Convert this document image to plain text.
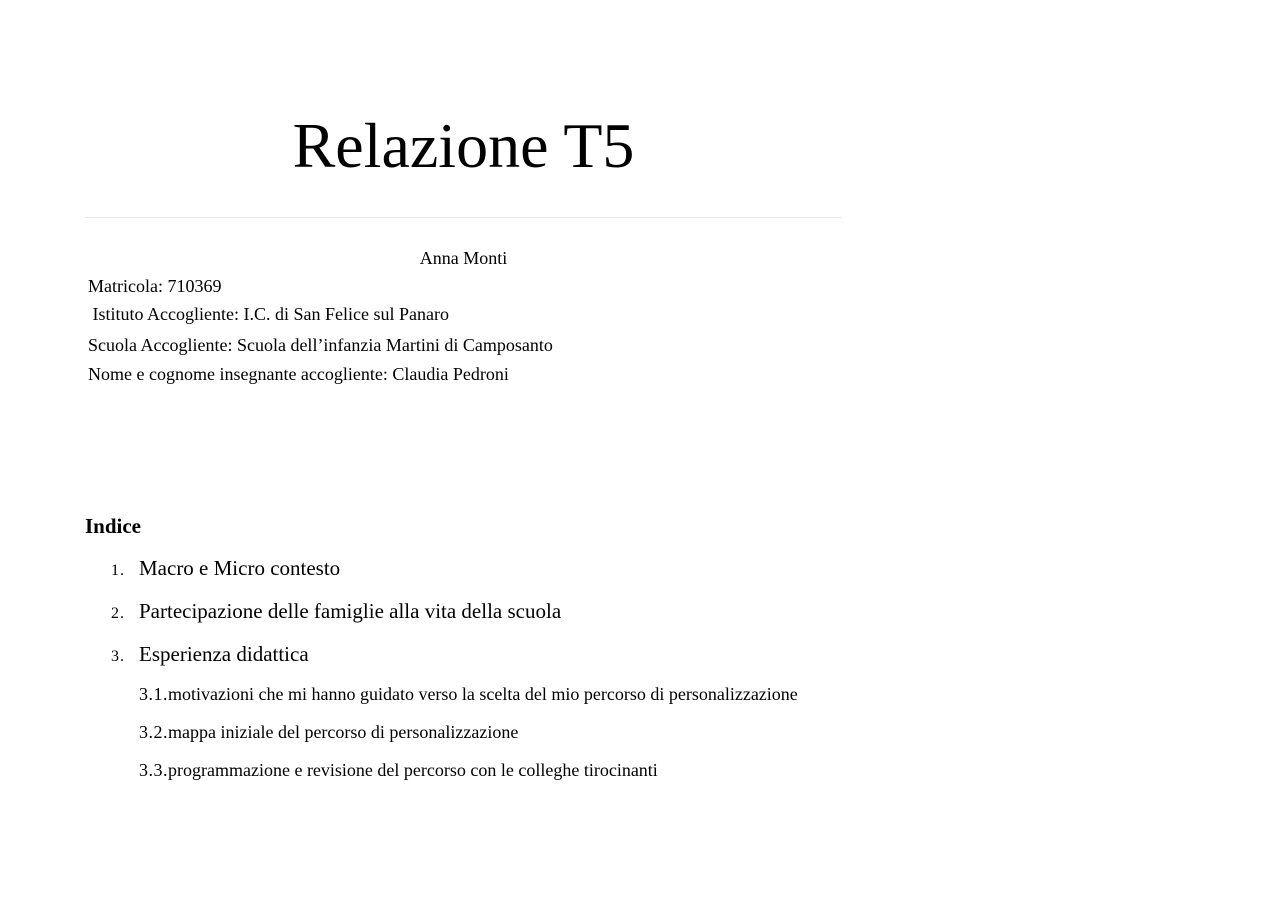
Relazione T5
Anna Monti
Matricola: 710369
Istituto Accogliente: I.C. di San Felice sul Panaro
Scuola Accogliente: Scuola dell’infanzia Martini di Camposanto
Nome e cognome insegnante accogliente: Claudia Pedroni
Indice
1. Macro e Micro contesto
2. Partecipazione delle famiglie alla vita della scuola
3. Esperienza didattica
3.1.motivazioni che mi hanno guidato verso la scelta del mio percorso di personalizzazione
3.2.mappa iniziale del percorso di personalizzazione
3.3.programmazione e revisione del percorso con le colleghe tirocinanti
